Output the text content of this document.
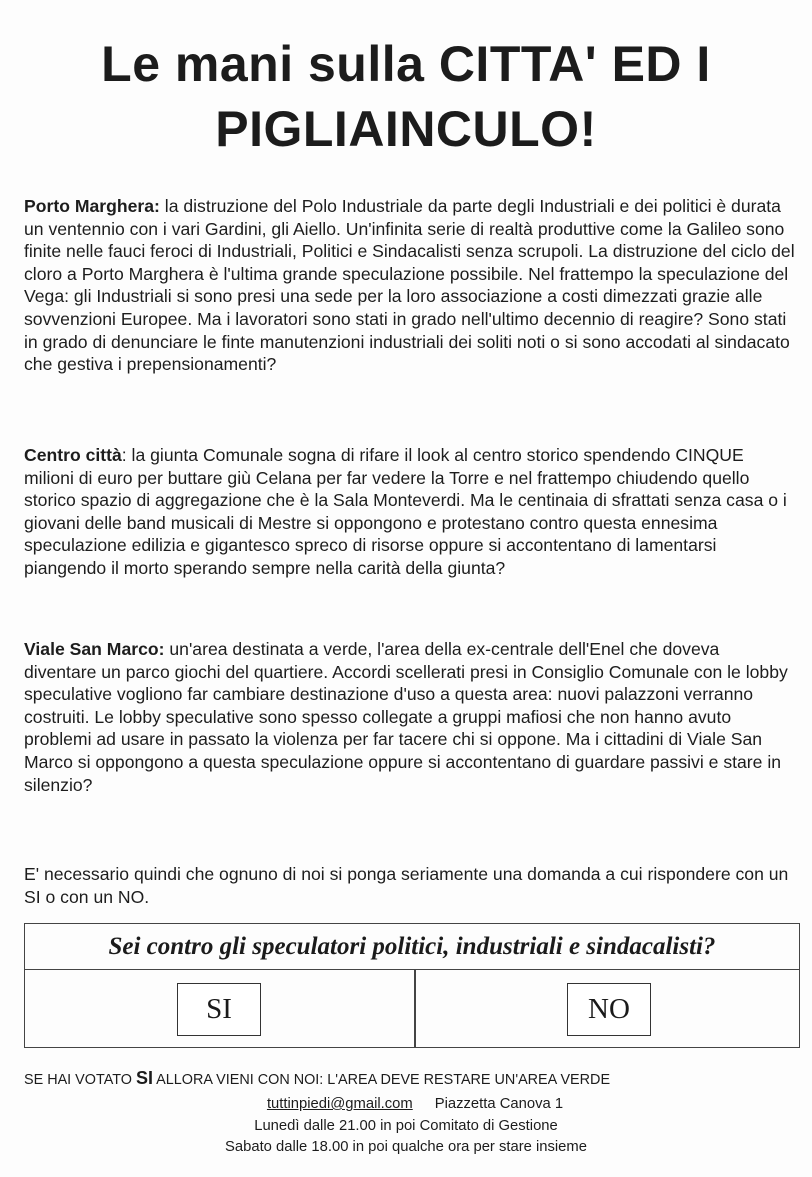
Le mani sulla CITTA' ED I
PIGLIAINCULO!

Porto Marghera: la distruzione del Polo Industriale da parte degli Industriali e dei politici è durata un ventennio con i vari Gardini, gli Aiello. Un'infinita serie di realtà produttive come la Galileo sono finite nelle fauci feroci di Industriali, Politici e Sindacalisti senza scrupoli. La distruzione del ciclo del cloro a Porto Marghera è l'ultima grande speculazione possibile. Nel frattempo la speculazione del Vega: gli Industriali si sono presi una sede per la loro associazione a costi dimezzati grazie alle sovvenzioni Europee. Ma i lavoratori sono stati in grado nell'ultimo decennio di reagire? Sono stati in grado di denunciare le finte manutenzioni industriali dei soliti noti o si sono accodati al sindacato che gestiva i prepensionamenti?

Centro città: la giunta Comunale sogna di rifare il look al centro storico spendendo CINQUE milioni di euro per buttare giù Celana per far vedere la Torre e nel frattempo chiudendo quello storico spazio di aggregazione che è la Sala Monteverdi. Ma le centinaia di sfrattati senza casa o i giovani delle band musicali di Mestre si oppongono e protestano contro questa ennesima speculazione edilizia e gigantesco spreco di risorse oppure si accontentano di lamentarsi piangendo il morto sperando sempre nella carità della giunta?

Viale San Marco: un'area destinata a verde, l'area della ex-centrale dell'Enel che doveva diventare un parco giochi del quartiere. Accordi scellerati presi in Consiglio Comunale con le lobby speculative vogliono far cambiare destinazione d'uso a questa area: nuovi palazzoni verranno costruiti. Le lobby speculative sono spesso collegate a gruppi mafiosi che non hanno avuto problemi ad usare in passato la violenza per far tacere chi si oppone. Ma i cittadini di Viale San Marco si oppongono a questa speculazione oppure si accontentano di guardare passivi e stare in silenzio?

E' necessario quindi che ognuno di noi si ponga seriamente una domanda a cui rispondere con un SI o con un NO.

Sei contro gli speculatori politici, industriali e sindacalisti?
SI	NO
SE HAI VOTATO SI ALLORA VIENI CON NOI: L'AREA DEVE RESTARE UN'AREA VERDE
tuttinpiedi@gmail.com Piazzetta Canova 1
Lunedì dalle 21.00 in poi Comitato di Gestione
Sabato dalle 18.00 in poi qualche ora per stare insieme
